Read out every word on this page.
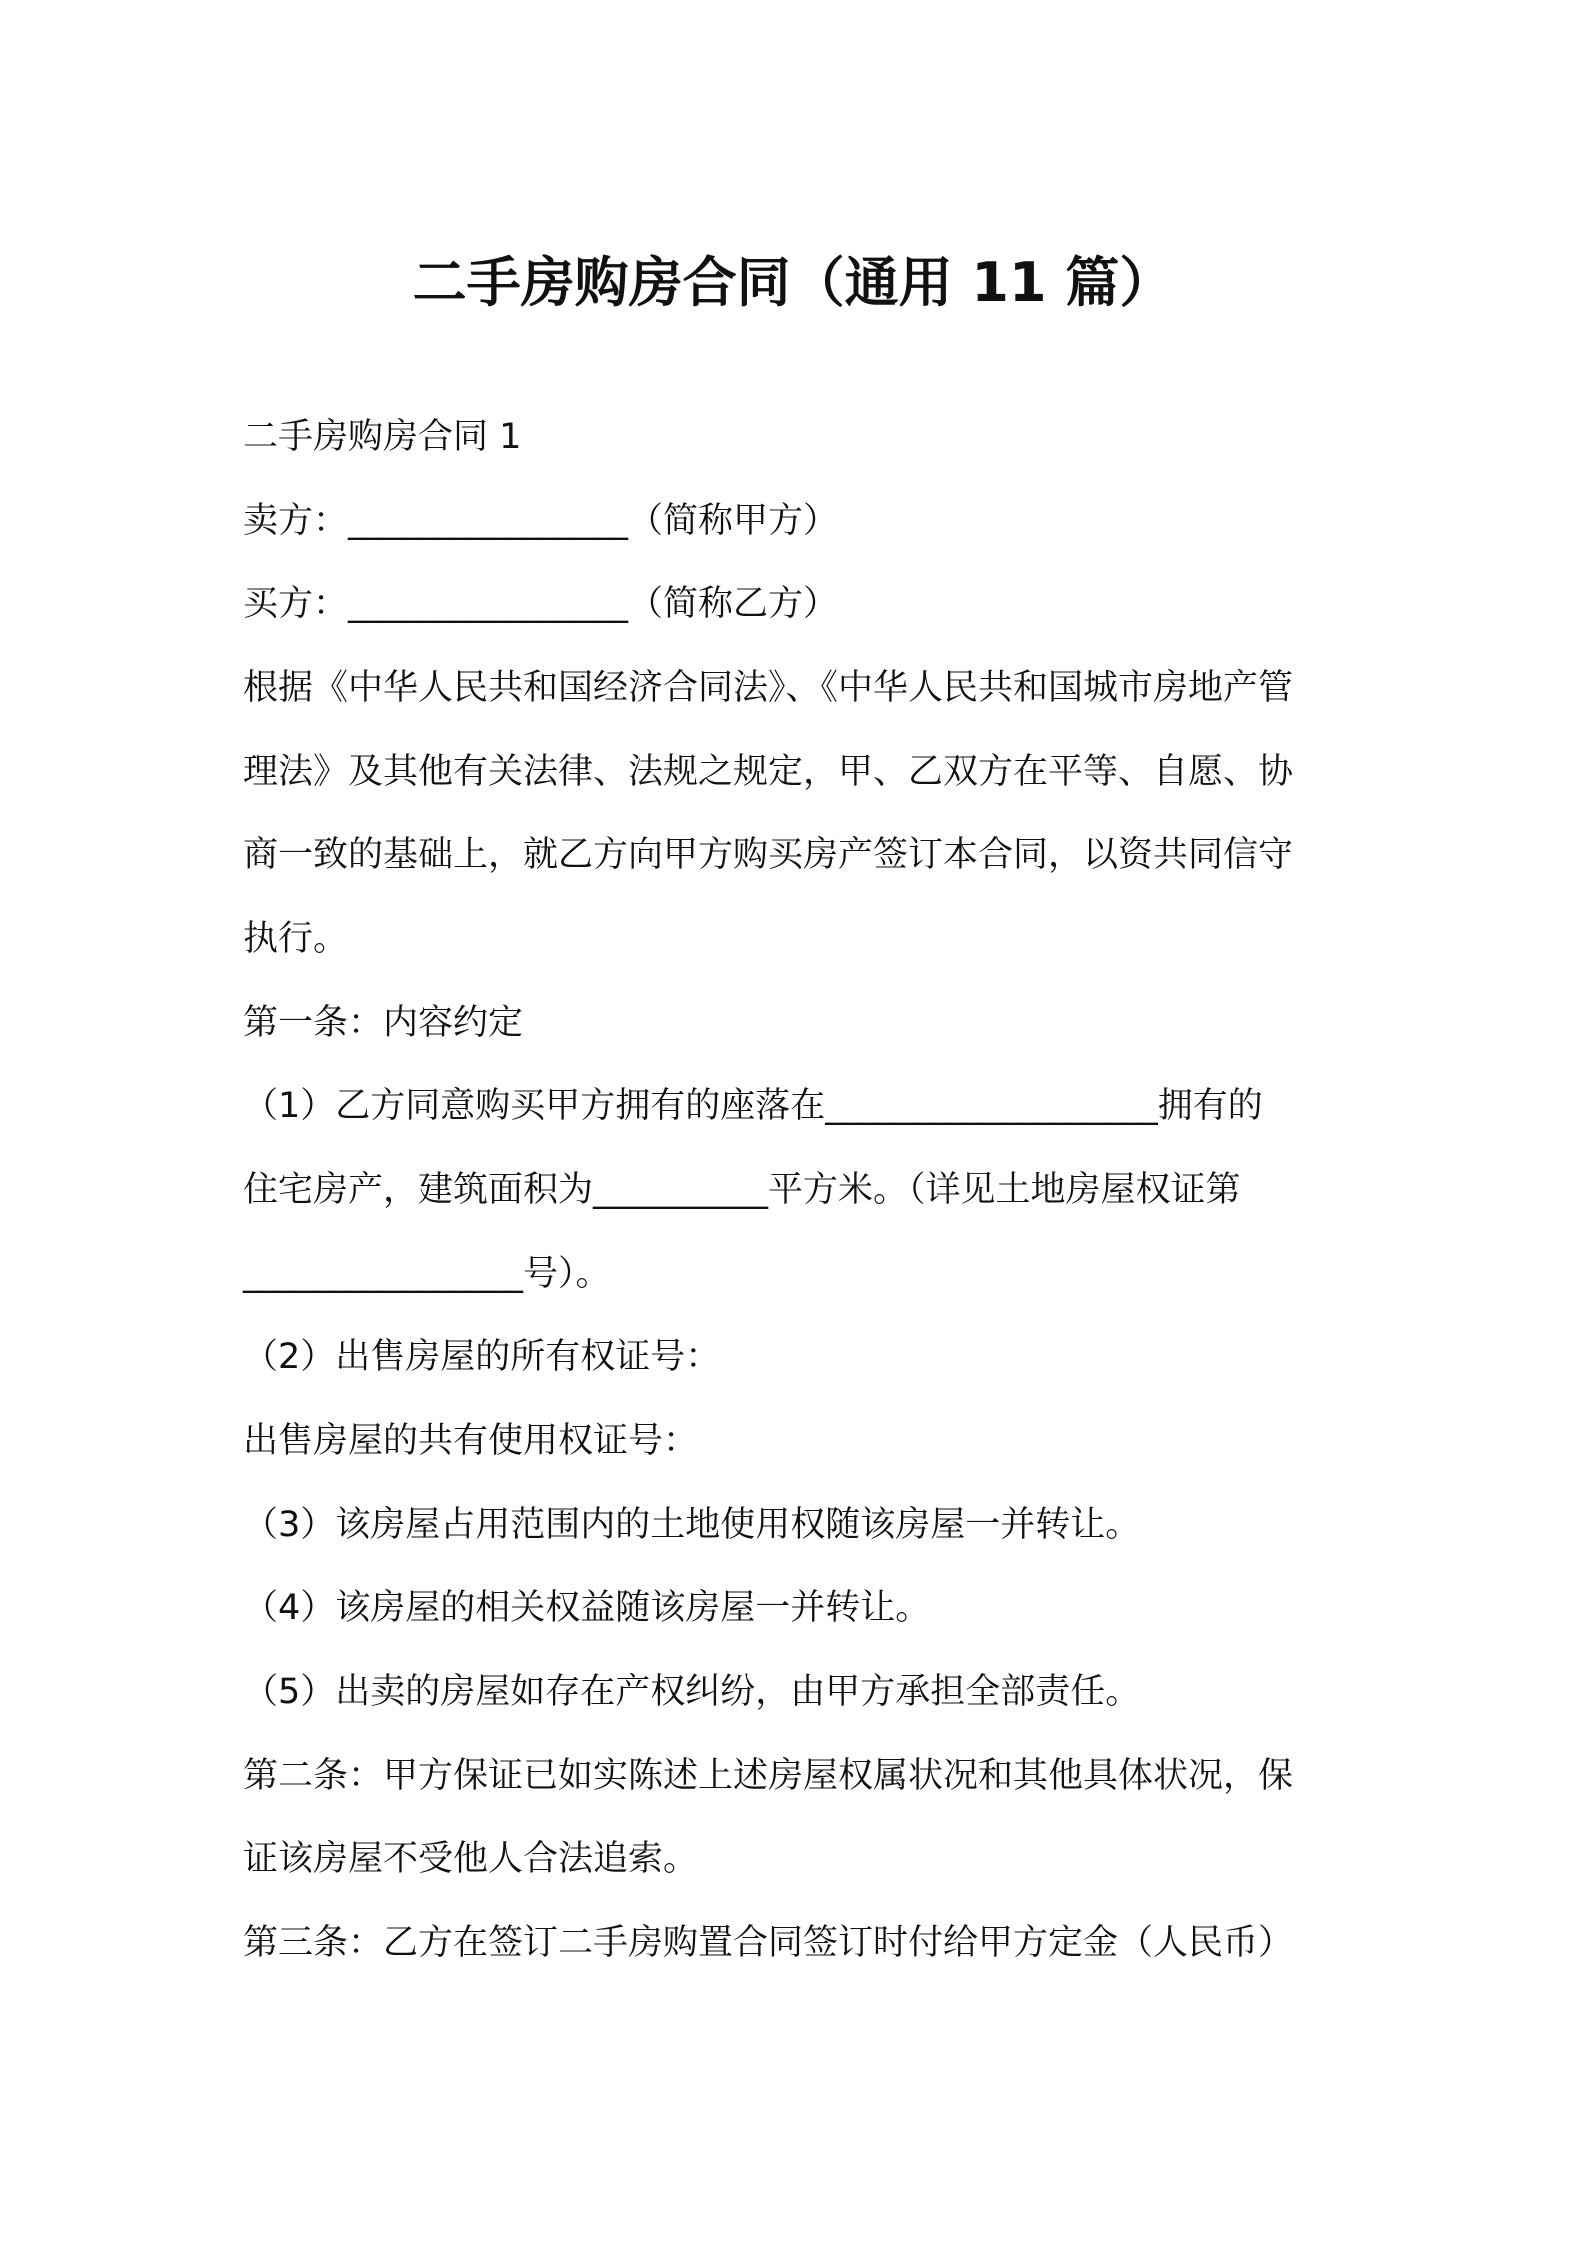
二手房购房合同（通用 11 篇）
二手房购房合同 1
卖方：________________（简称甲方）
买方：________________（简称乙方）
根据《中华人民共和国经济合同法》、《中华人民共和国城市房地产管
理法》及其他有关法律、法规之规定，甲、乙双方在平等、自愿、协
商一致的基础上，就乙方向甲方购买房产签订本合同，以资共同信守
执行。
第一条：内容约定
（1）乙方同意购买甲方拥有的座落在___________________拥有的
住宅房产，建筑面积为__________平方米。（详见土地房屋权证第
________________号）。
（2）出售房屋的所有权证号：
出售房屋的共有使用权证号：
（3）该房屋占用范围内的土地使用权随该房屋一并转让。
（4）该房屋的相关权益随该房屋一并转让。
（5）出卖的房屋如存在产权纠纷，由甲方承担全部责任。
第二条：甲方保证已如实陈述上述房屋权属状况和其他具体状况，保
证该房屋不受他人合法追索。
第三条：乙方在签订二手房购置合同签订时付给甲方定金（人民币）
